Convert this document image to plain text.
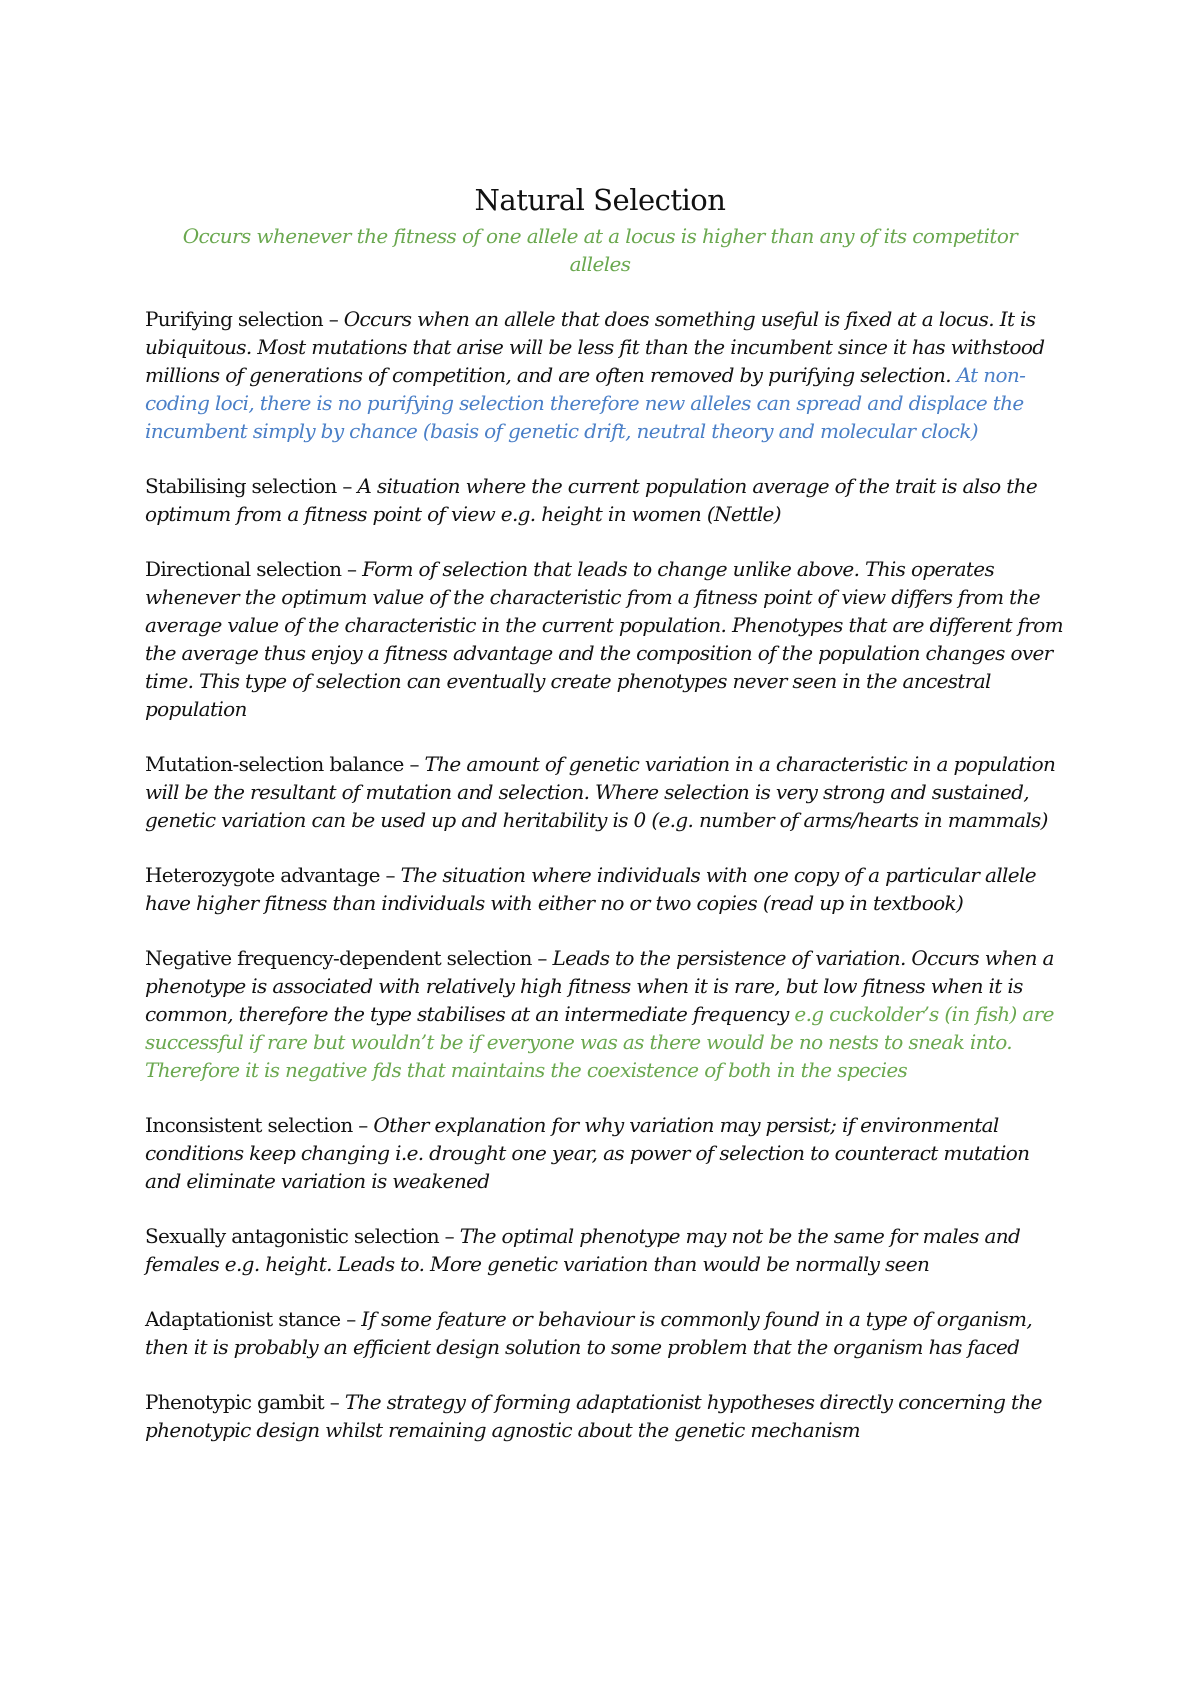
Natural Selection
Occurs whenever the fitness of one allele at a locus is higher than any of its competitor alleles

Purifying selection – Occurs when an allele that does something useful is fixed at a locus. It is ubiquitous. Most mutations that arise will be less fit than the incumbent since it has withstood millions of generations of competition, and are often removed by purifying selection. At non-coding loci, there is no purifying selection therefore new alleles can spread and displace the incumbent simply by chance (basis of genetic drift, neutral theory and molecular clock)

Stabilising selection – A situation where the current population average of the trait is also the optimum from a fitness point of view e.g. height in women (Nettle)

Directional selection – Form of selection that leads to change unlike above. This operates whenever the optimum value of the characteristic from a fitness point of view differs from the average value of the characteristic in the current population. Phenotypes that are different from the average thus enjoy a fitness advantage and the composition of the population changes over time. This type of selection can eventually create phenotypes never seen in the ancestral population

Mutation-selection balance – The amount of genetic variation in a characteristic in a population will be the resultant of mutation and selection. Where selection is very strong and sustained, genetic variation can be used up and heritability is 0 (e.g. number of arms/hearts in mammals)

Heterozygote advantage – The situation where individuals with one copy of a particular allele have higher fitness than individuals with either no or two copies (read up in textbook)

Negative frequency-dependent selection – Leads to the persistence of variation. Occurs when a phenotype is associated with relatively high fitness when it is rare, but low fitness when it is common, therefore the type stabilises at an intermediate frequency e.g cuckolder’s (in fish) are successful if rare but wouldn’t be if everyone was as there would be no nests to sneak into. Therefore it is negative fds that maintains the coexistence of both in the species

Inconsistent selection – Other explanation for why variation may persist; if environmental conditions keep changing i.e. drought one year, as power of selection to counteract mutation and eliminate variation is weakened

Sexually antagonistic selection – The optimal phenotype may not be the same for males and females e.g. height. Leads to. More genetic variation than would be normally seen

Adaptationist stance – If some feature or behaviour is commonly found in a type of organism, then it is probably an efficient design solution to some problem that the organism has faced

Phenotypic gambit – The strategy of forming adaptationist hypotheses directly concerning the phenotypic design whilst remaining agnostic about the genetic mechanism
